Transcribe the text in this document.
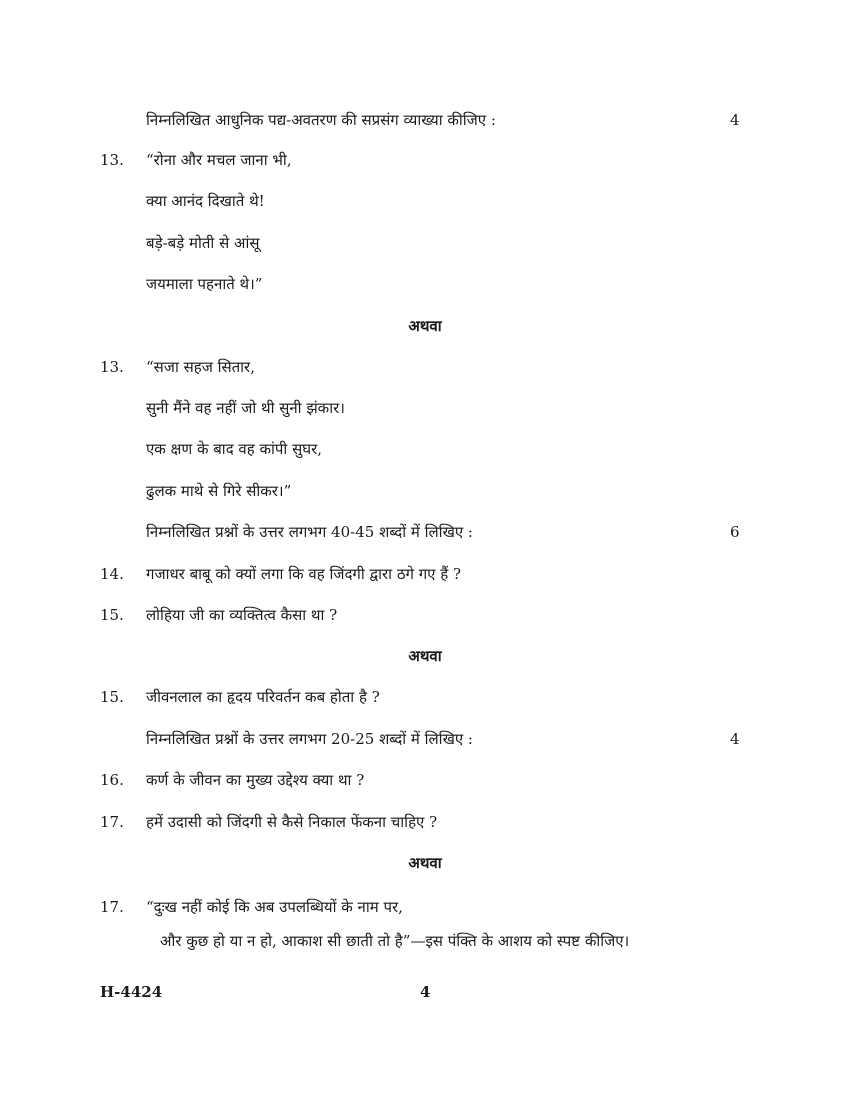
निम्नलिखित आधुनिक पद्य-अवतरण की सप्रसंग व्याख्या कीजिए :	4
13. “रोना और मचल जाना भी,
क्या आनंद दिखाते थे!
बड़े-बड़े मोती से आंसू
जयमाला पहनाते थे।”
अथवा
13. “सजा सहज सितार,
सुनी मैंने वह नहीं जो थी सुनी झंकार।
एक क्षण के बाद वह कांपी सुघर,
ढुलक माथे से गिरे सीकर।”
निम्नलिखित प्रश्नों के उत्तर लगभग 40-45 शब्दों में लिखिए :	6
14. गजाधर बाबू को क्यों लगा कि वह जिंदगी द्वारा ठगे गए हैं ?
15. लोहिया जी का व्यक्तित्व कैसा था ?
अथवा
15. जीवनलाल का हृदय परिवर्तन कब होता है ?
निम्नलिखित प्रश्नों के उत्तर लगभग 20-25 शब्दों में लिखिए :	4
16. कर्ण के जीवन का मुख्य उद्देश्य क्या था ?
17. हमें उदासी को जिंदगी से कैसे निकाल फेंकना चाहिए ?
अथवा
17. “दुःख नहीं कोई कि अब उपलब्धियों के नाम पर,
और कुछ हो या न हो, आकाश सी छाती तो है”—इस पंक्ति के आशय को स्पष्ट कीजिए।
H-4424	4
